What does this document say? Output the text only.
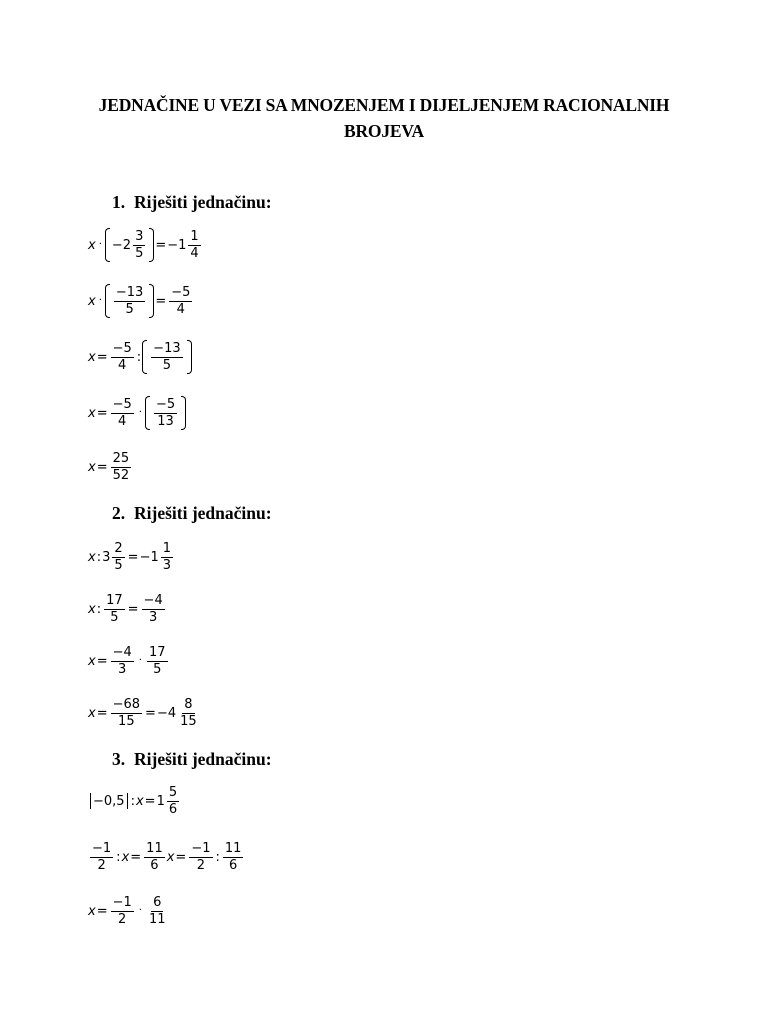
JEDNAČINE U VEZI SA MNOZENJEM I DIJELJENJEM RACIONALNIH BROJEVA
1. Riješiti jednačinu:
$x \cdot -2 \frac{3}{5} = -1 \frac{1}{4}$
$x \cdot \frac{-13}{5} = \frac{-5}{4}$
$x = \frac{-5}{4}$ : $\frac{-13}{5}$
$x = \frac{-5}{4} \cdot \frac{-5}{13}$
$x = \frac{25}{52}$
2. Riješiti jednačinu:
x : $3 \frac{2}{5} = -1 \frac{1}{3}$
x : $\frac{17}{5} = \frac{-4}{3}$
$x = \frac{-4}{3} \cdot \frac{17}{5}$
$x = \frac{-68}{15} = -4 \frac{8}{15}$
3. Riješiti jednačinu:
−0,5 : $x = 1 \frac{5}{6}$
$\frac{-1}{2}$ : $x = \frac{11}{6}$ $x = \frac{-1}{2}$ : $\frac{11}{6}$
$x = \frac{-1}{2} \cdot \frac{6}{11}$
